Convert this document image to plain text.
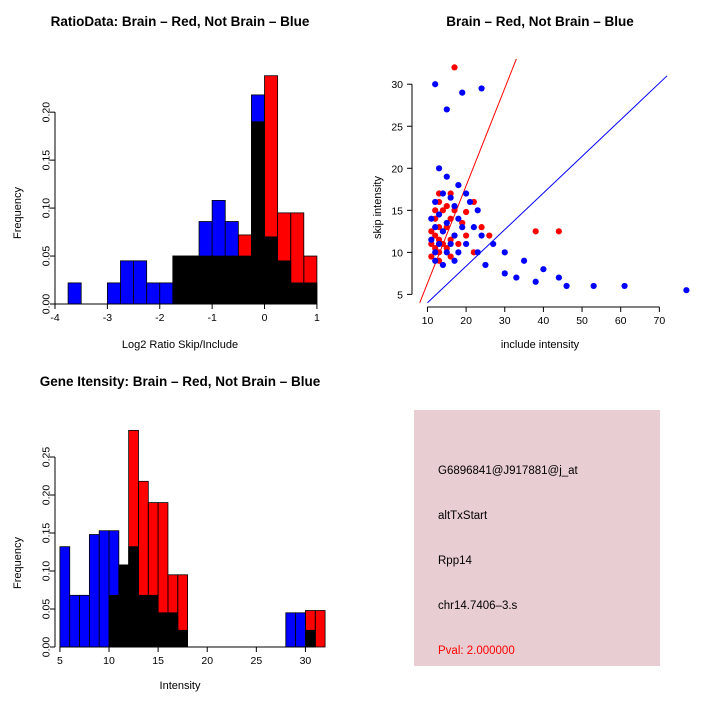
RatioData: Brain – Red, Not Brain – Blue
-4	-3	-2	-1	0	1
0.00
0.05
0.10
0.15
0.20
Log2 Ratio Skip/Include
Frequency
Brain – Red, Not Brain – Blue
10	20	30	40	50	60	70
5
10
15
20
25
30
include intensity
skip intensity
Gene Itensity: Brain – Red, Not Brain – Blue
5	10	15	20	25	30
0.00
0.05
0.10
0.15
0.20
0.25
Intensity
Frequency
G6896841@J917881@j_at
altTxStart
Rpp14
chr14.7406–3.s
Pval: 2.000000
